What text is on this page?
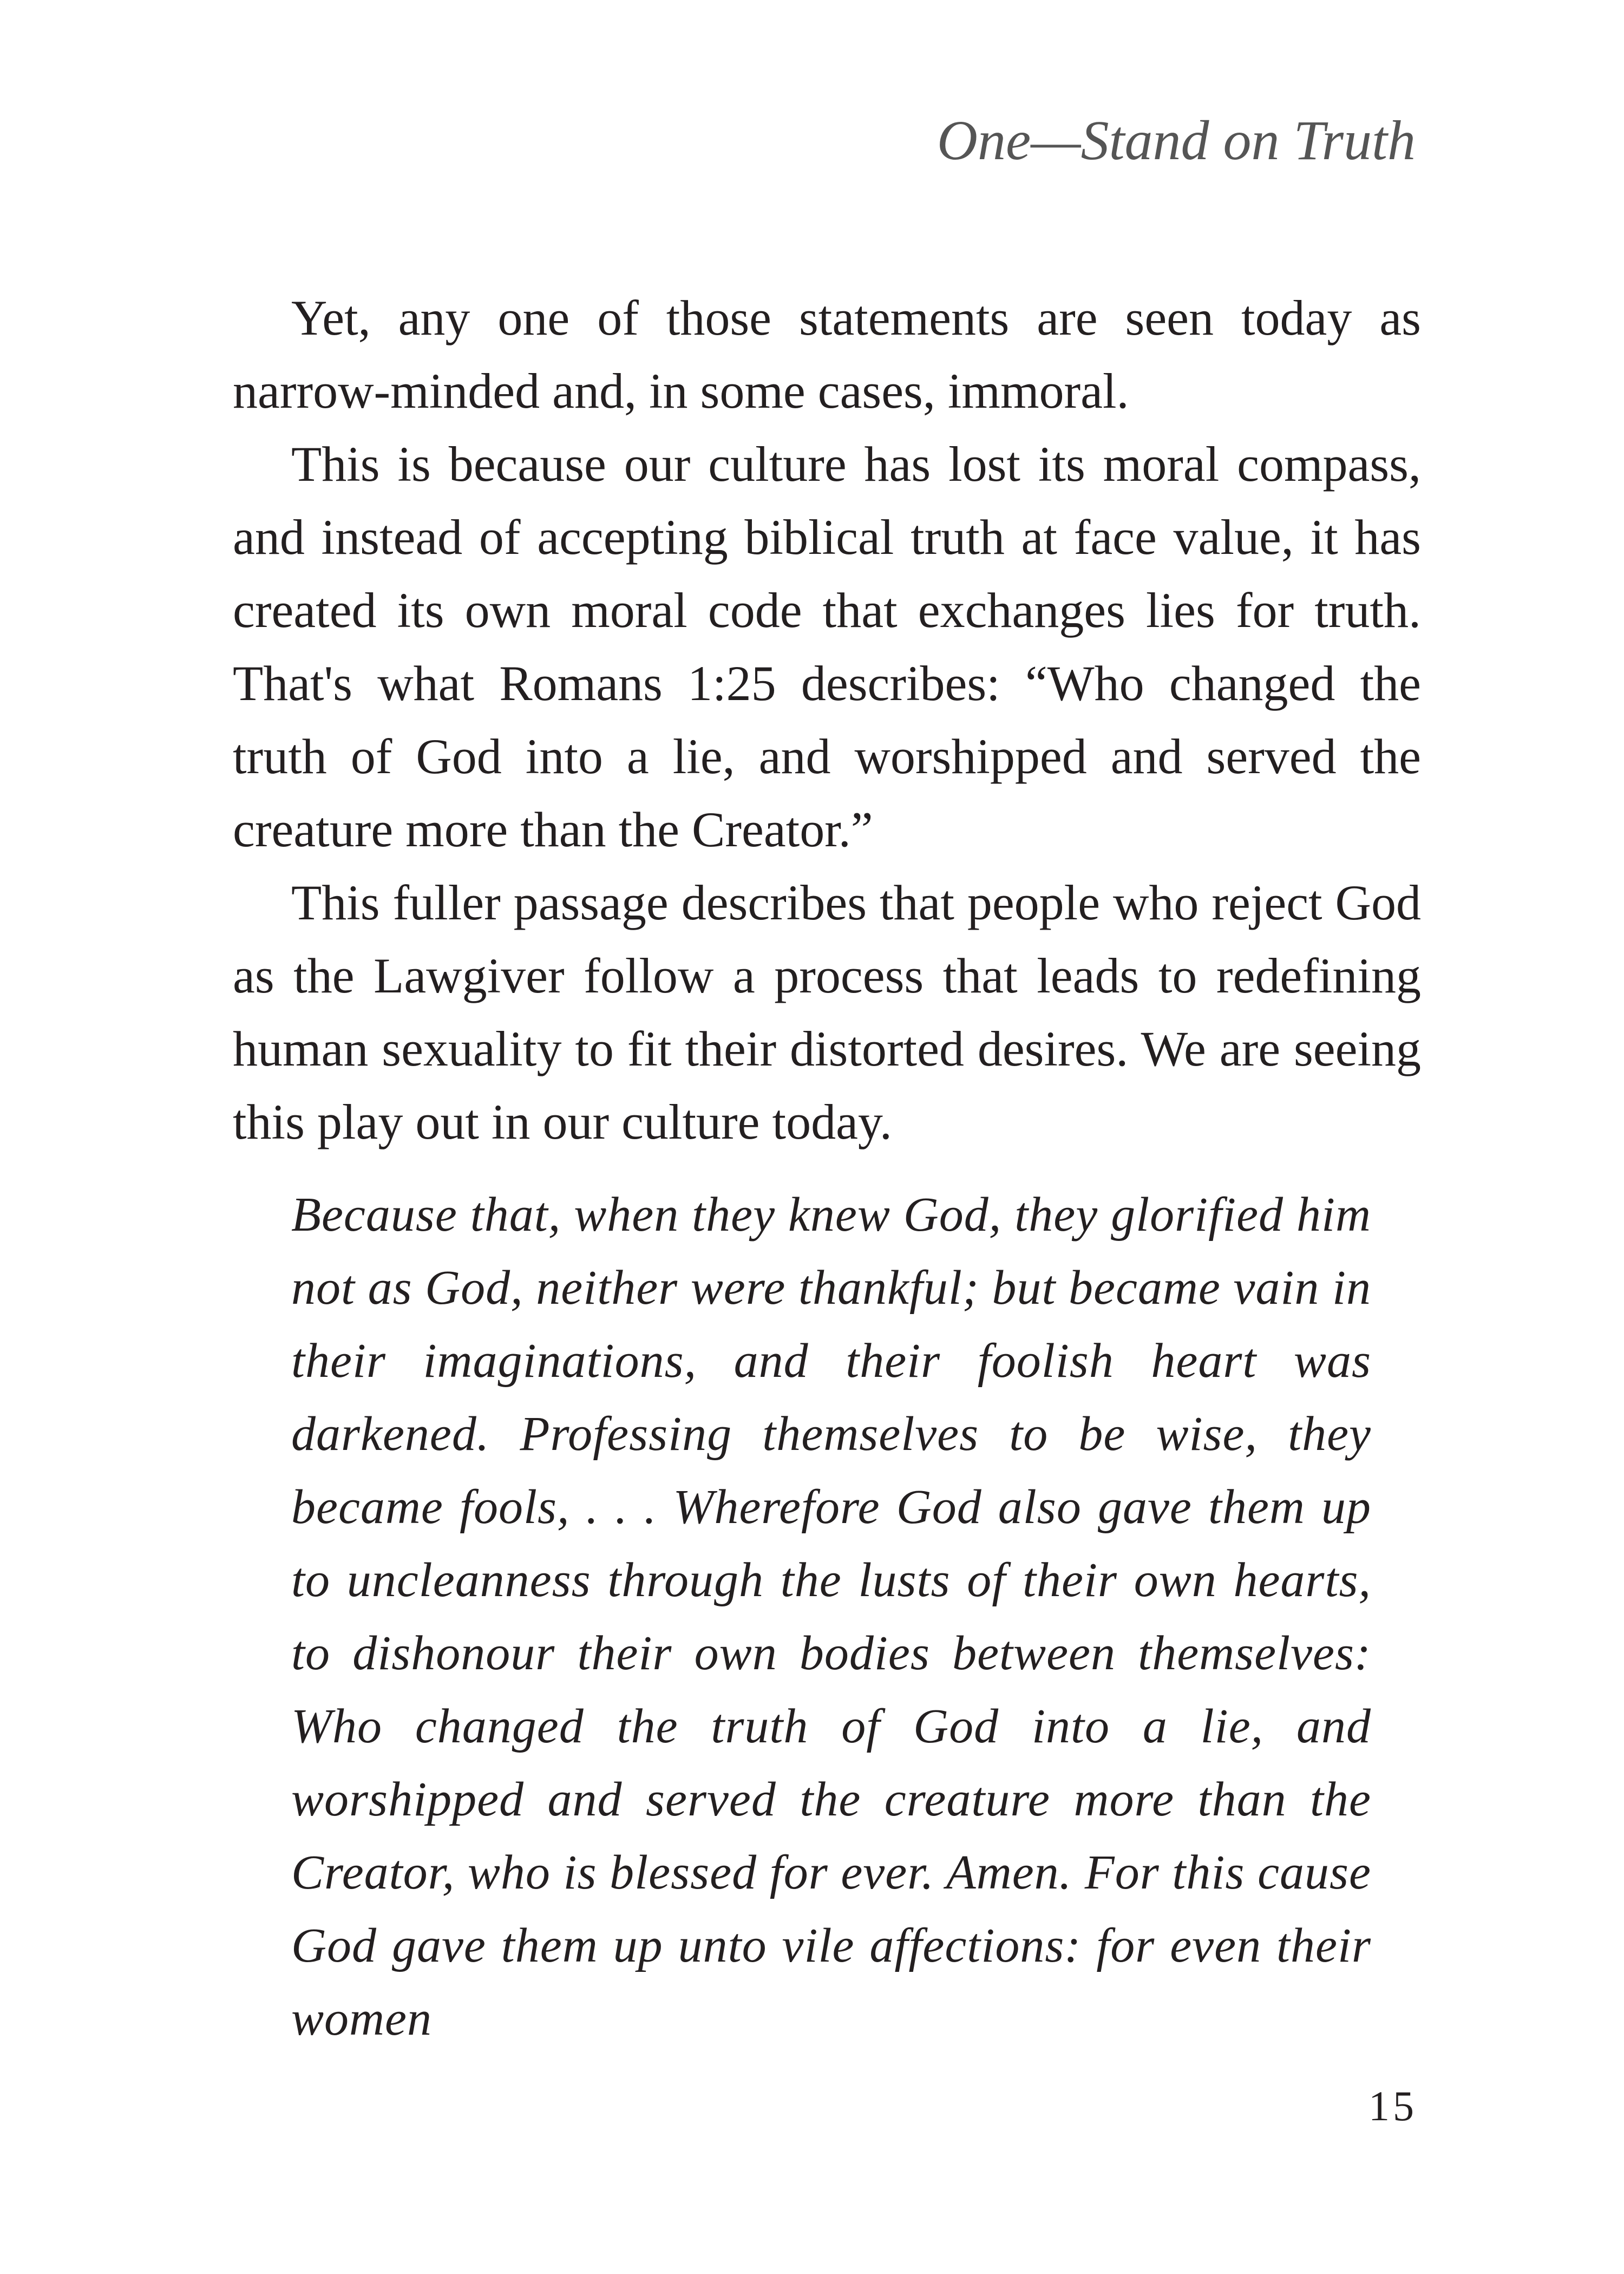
One—Stand on Truth

Yet, any one of those statements are seen today as narrow-minded and, in some cases, immoral.

This is because our culture has lost its moral compass, and instead of accepting biblical truth at face value, it has created its own moral code that exchanges lies for truth. That's what Romans 1:25 describes: “Who changed the truth of God into a lie, and worshipped and served the creature more than the Creator.”

This fuller passage describes that people who reject God as the Lawgiver follow a process that leads to redefining human sexuality to fit their distorted desires. We are seeing this play out in our culture today.

Because that, when they knew God, they glorified him not as God, neither were thankful; but became vain in their imaginations, and their foolish heart was darkened. Professing themselves to be wise, they became fools, . . . Wherefore God also gave them up to uncleanness through the lusts of their own hearts, to dishonour their own bodies between themselves: Who changed the truth of God into a lie, and worshipped and served the creature more than the Creator, who is blessed for ever. Amen. For this cause God gave them up unto vile affections: for even their women
15
